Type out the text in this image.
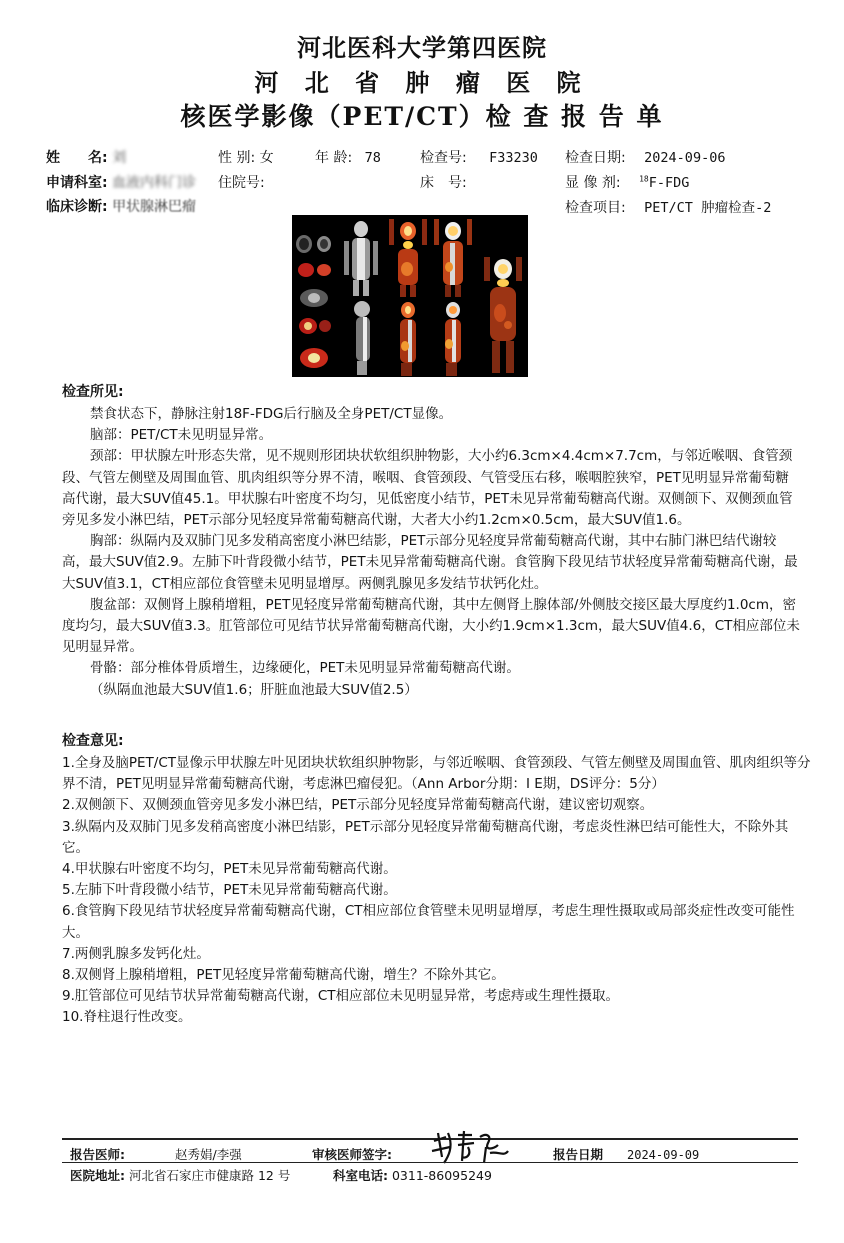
河北医科大学第四医院
河 北 省 肿 瘤 医 院
核医学影像（PET/CT）检 查 报 告 单
姓　　名: 刘	性 别: 女	年 龄: 78	检查号: F33230 检查日期: 2024-09-06
申请科室: 血液内科门诊 住院号:	床　号:	显 像 剂: $^{18}$F-FDG
临床诊断: 甲状腺淋巴瘤	检查项目: PET/CT 肿瘤检查-2
检查所见:

禁食状态下，静脉注射18F-FDG后行脑及全身PET/CT显像。

脑部：PET/CT未见明显异常。

颈部：甲状腺左叶形态失常，见不规则形团块状软组织肿物影，大小约6.3cm×4.4cm×7.7cm，与邻近喉咽、食管颈段、气管左侧壁及周围血管、肌肉组织等分界不清，喉咽、食管颈段、气管受压右移，喉咽腔狭窄，PET见明显异常葡萄糖高代谢，最大SUV值45.1。甲状腺右叶密度不均匀，见低密度小结节，PET未见异常葡萄糖高代谢。双侧颌下、双侧颈血管旁见多发小淋巴结，PET示部分见轻度异常葡萄糖高代谢，大者大小约1.2cm×0.5cm，最大SUV值1.6。

胸部：纵隔内及双肺门见多发稍高密度小淋巴结影，PET示部分见轻度异常葡萄糖高代谢，其中右肺门淋巴结代谢较高，最大SUV值2.9。左肺下叶背段微小结节，PET未见异常葡萄糖高代谢。食管胸下段见结节状轻度异常葡萄糖高代谢，最大SUV值3.1，CT相应部位食管壁未见明显增厚。两侧乳腺见多发结节状钙化灶。

腹盆部：双侧肾上腺稍增粗，PET见轻度异常葡萄糖高代谢，其中左侧肾上腺体部/外侧肢交接区最大厚度约1.0cm，密度均匀，最大SUV值3.3。肛管部位可见结节状异常葡萄糖高代谢，大小约1.9cm×1.3cm，最大SUV值4.6，CT相应部位未见明显异常。

骨骼：部分椎体骨质增生，边缘硬化，PET未见明显异常葡萄糖高代谢。

（纵隔血池最大SUV值1.6；肝脏血池最大SUV值2.5）

检查意见:

1.全身及脑PET/CT显像示甲状腺左叶见团块状软组织肿物影，与邻近喉咽、食管颈段、气管左侧壁及周围血管、肌肉组织等分界不清，PET见明显异常葡萄糖高代谢，考虑淋巴瘤侵犯。（Ann Arbor分期：Ⅰ E期，DS评分：5分）

2.双侧颌下、双侧颈血管旁见多发小淋巴结，PET示部分见轻度异常葡萄糖高代谢，建议密切观察。

3.纵隔内及双肺门见多发稍高密度小淋巴结影，PET示部分见轻度异常葡萄糖高代谢，考虑炎性淋巴结可能性大，不除外其它。

4.甲状腺右叶密度不均匀，PET未见异常葡萄糖高代谢。

5.左肺下叶背段微小结节，PET未见异常葡萄糖高代谢。

6.食管胸下段见结节状轻度异常葡萄糖高代谢，CT相应部位食管壁未见明显增厚，考虑生理性摄取或局部炎症性改变可能性大。

7.两侧乳腺多发钙化灶。

8.双侧肾上腺稍增粗，PET见轻度异常葡萄糖高代谢，增生？不除外其它。

9.肛管部位可见结节状异常葡萄糖高代谢，CT相应部位未见明显异常，考虑痔或生理性摄取。

10.脊柱退行性改变。

报告医师:	赵秀娟/李强	审核医师签字:	报告日期 2024-09-09
医院地址: 河北省石家庄市健康路 12 号	科室电话: 0311-86095249
